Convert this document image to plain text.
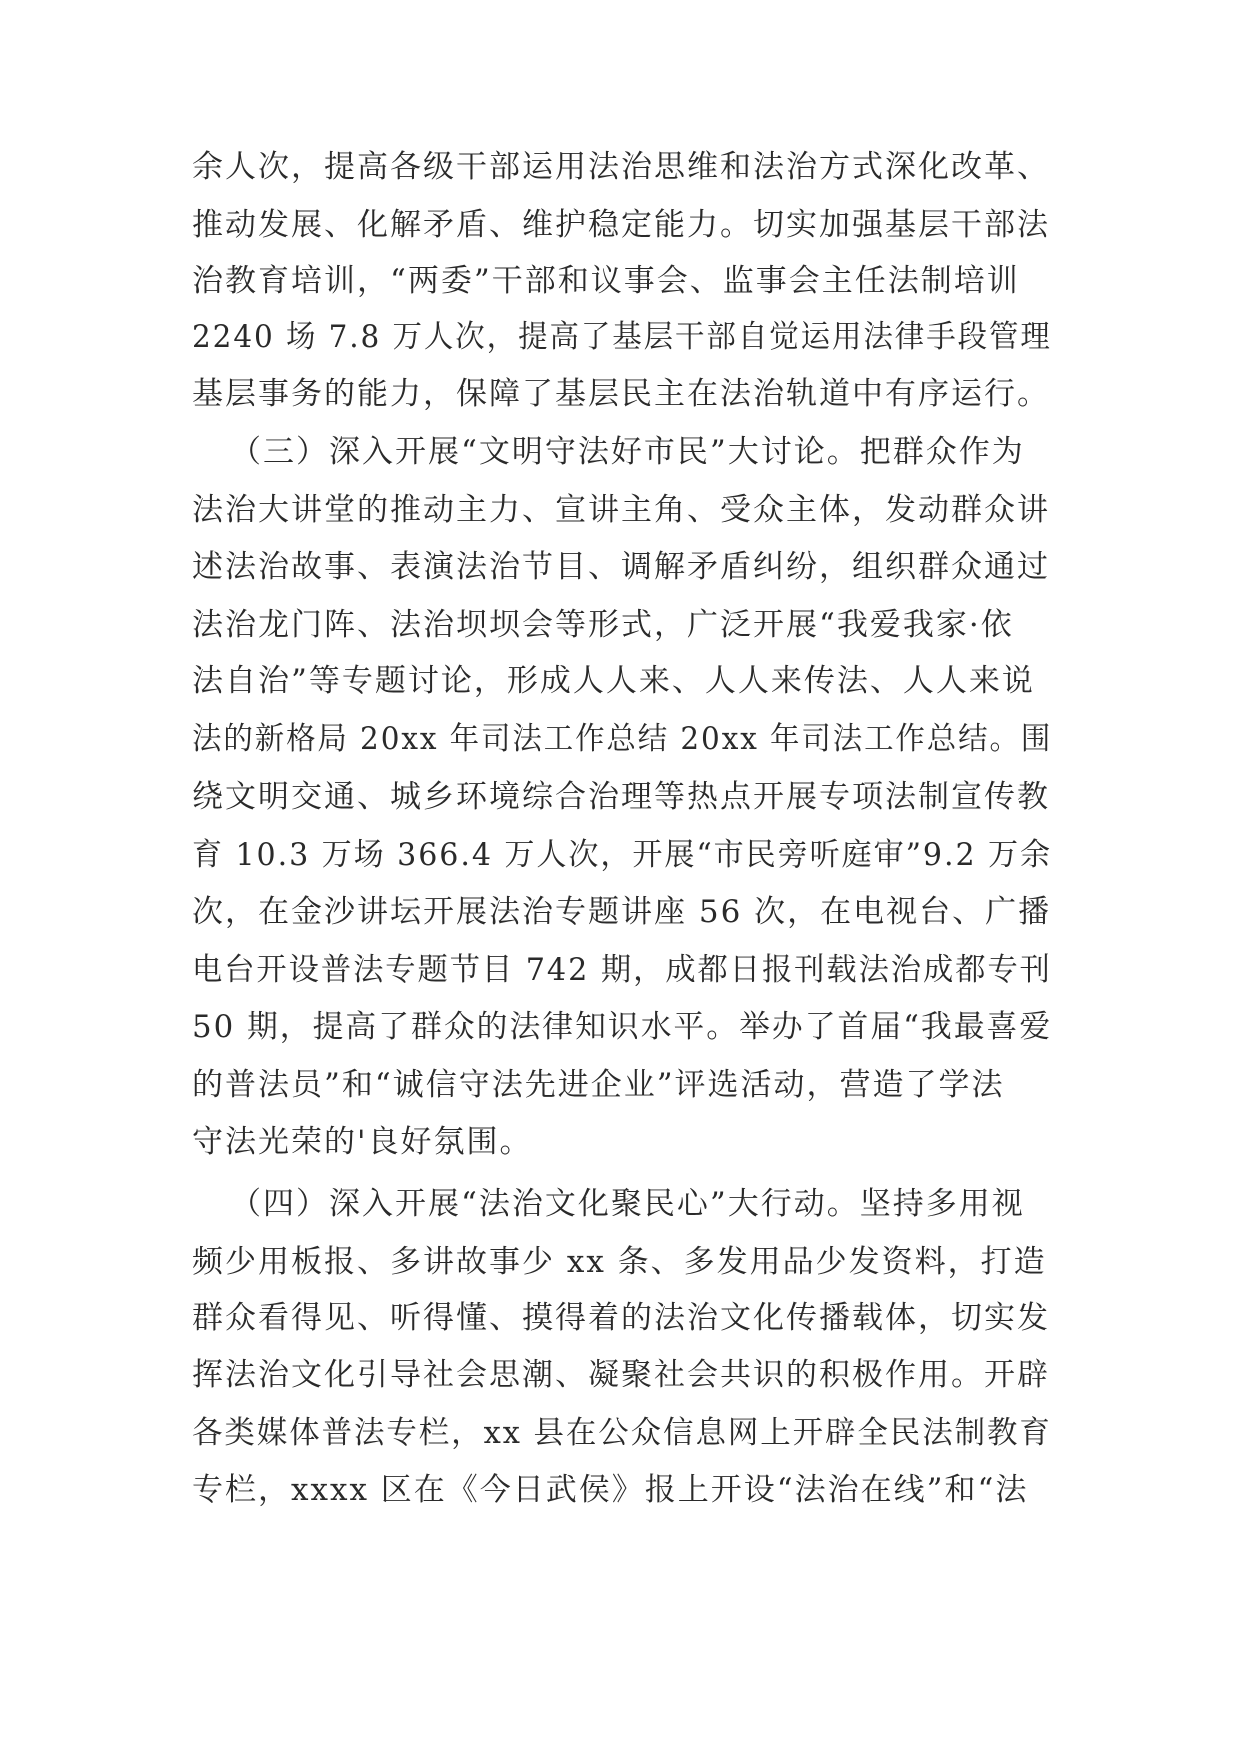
余人次，提高各级干部运用法治思维和法治方式深化改革、
推动发展、化解矛盾、维护稳定能力。切实加强基层干部法
治教育培训，“两委”干部和议事会、监事会主任法制培训
2240 场 7.8 万人次，提高了基层干部自觉运用法律手段管理
基层事务的能力，保障了基层民主在法治轨道中有序运行。
（三）深入开展“文明守法好市民”大讨论。把群众作为
法治大讲堂的推动主力、宣讲主角、受众主体，发动群众讲
述法治故事、表演法治节目、调解矛盾纠纷，组织群众通过
法治龙门阵、法治坝坝会等形式，广泛开展“我爱我家·依
法自治”等专题讨论，形成人人来、人人来传法、人人来说
法的新格局 20xx 年司法工作总结 20xx 年司法工作总结。围
绕文明交通、城乡环境综合治理等热点开展专项法制宣传教
育 10.3 万场 366.4 万人次，开展“市民旁听庭审”9.2 万余
次，在金沙讲坛开展法治专题讲座 56 次，在电视台、广播
电台开设普法专题节目 742 期，成都日报刊载法治成都专刊
50 期，提高了群众的法律知识水平。举办了首届“我最喜爱
的普法员”和“诚信守法先进企业”评选活动，营造了学法
守法光荣的'良好氛围。
（四）深入开展“法治文化聚民心”大行动。坚持多用视
频少用板报、多讲故事少 xx 条、多发用品少发资料，打造
群众看得见、听得懂、摸得着的法治文化传播载体，切实发
挥法治文化引导社会思潮、凝聚社会共识的积极作用。开辟
各类媒体普法专栏，xx 县在公众信息网上开辟全民法制教育
专栏，xxxx 区在《今日武侯》报上开设“法治在线”和“法
